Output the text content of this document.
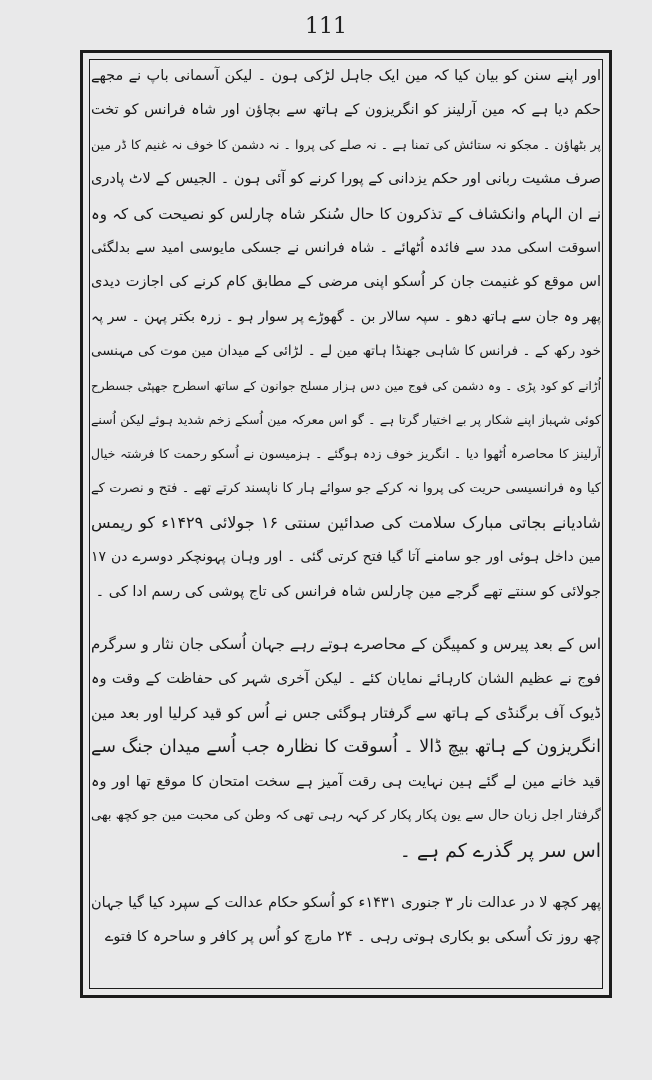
111
اور اپنے سنن کو بیان کیا کہ مین ایک جاہل لڑکی ہون ۔ لیکن آسمانی باپ نے مجھے
حکم دیا ہے کہ مین آرلینز کو انگریزون کے ہاتھ سے بچاؤن اور شاہ فرانس کو تخت
پر بٹھاؤن ۔ مجکو نہ ستائش کی تمنا ہے ۔ نہ صلے کی پروا ۔ نہ دشمن کا خوف نہ غنیم کا ڈر مین
صرف مشیت ربانی اور حکم یزدانی کے پورا کرنے کو آئی ہون ۔ الجیس کے لاٹ پادری
نے ان الہام وانکشاف کے تذکرون کا حال سُنکر شاہ چارلس کو نصیحت کی کہ وہ
اسوقت اسکی مدد سے فائدہ اُٹھائے ۔ شاہ فرانس نے جسکی مایوسی امید سے بدلگئی
اس موقع کو غنیمت جان کر اُسکو اپنی مرضی کے مطابق کام کرنے کی اجازت دیدی
پھر وہ جان سے ہاتھ دھو ۔ سپہ سالار بن ۔ گھوڑے پر سوار ہو ۔ زرہ بکتر پہن ۔ سر پہ
خود رکھ کے ۔ فرانس کا شاہی جھنڈا ہاتھ مین لے ۔ لڑائی کے میدان مین موت کی مہنسی
اُڑانے کو کود پڑی ۔ وہ دشمن کی فوج مین دس ہزار مسلح جوانون کے ساتھ اسطرح جھپٹی جسطرح
کوئی شہباز اپنے شکار پر بے اختیار گرتا ہے ۔ گو اس معرکہ مین اُسکے زخم شدید ہوئے لیکن اُسنے
آرلینز کا محاصرہ اُٹھوا دیا ۔ انگریز خوف زدہ ہوگئے ۔ ہزمیسون نے اُسکو رحمت کا فرشتہ خیال
کیا وہ فرانسیسی حریت کی پروا نہ کرکے جو سوائے ہار کا ناپسند کرتے تھے ۔ فتح و نصرت کے
شادیانے بجاتی مبارک سلامت کی صدائین سنتی ۱۶ جولائی ۱۴۲۹ء کو ریمس
مین داخل ہوئی اور جو سامنے آتا گیا فتح کرتی گئی ۔ اور وہان پہونچکر دوسرے دن ۱۷
جولائی کو سنتے تھے گرجے مین چارلس شاہ فرانس کی تاج پوشی کی رسم ادا کی ۔
اس کے بعد پیرس و کمپیگن کے محاصرے ہوتے رہے جہان اُسکی جان نثار و سرگرم
فوج نے عظیم الشان کارہائے نمایان کئے ۔ لیکن آخری شہر کی حفاظت کے وقت وہ
ڈیوک آف برگنڈی کے ہاتھ سے گرفتار ہوگئی جس نے اُس کو قید کرلیا اور بعد مین
انگریزون کے ہاتھ بیچ ڈالا ۔ اُسوقت کا نظارہ جب اُسے میدان جنگ سے
قید خانے مین لے گئے ہین نہایت ہی رقت آمیز ہے سخت امتحان کا موقع تھا اور وہ
گرفتار اجل زبان حال سے یون پکار پکار کر کہہ رہی تھی کہ وطن کی محبت مین جو کچھ بھی
اس سر پر گذرے کم ہے ۔
پھر کچھ لا در عدالت نار ۳ جنوری ۱۴۳۱ء کو اُسکو حکام عدالت کے سپرد کیا گیا جہان
چھ روز تک اُسکی بو بکاری ہوتی رہی ۔ ۲۴ مارچ کو اُس پر کافر و ساحرہ کا فتوے
